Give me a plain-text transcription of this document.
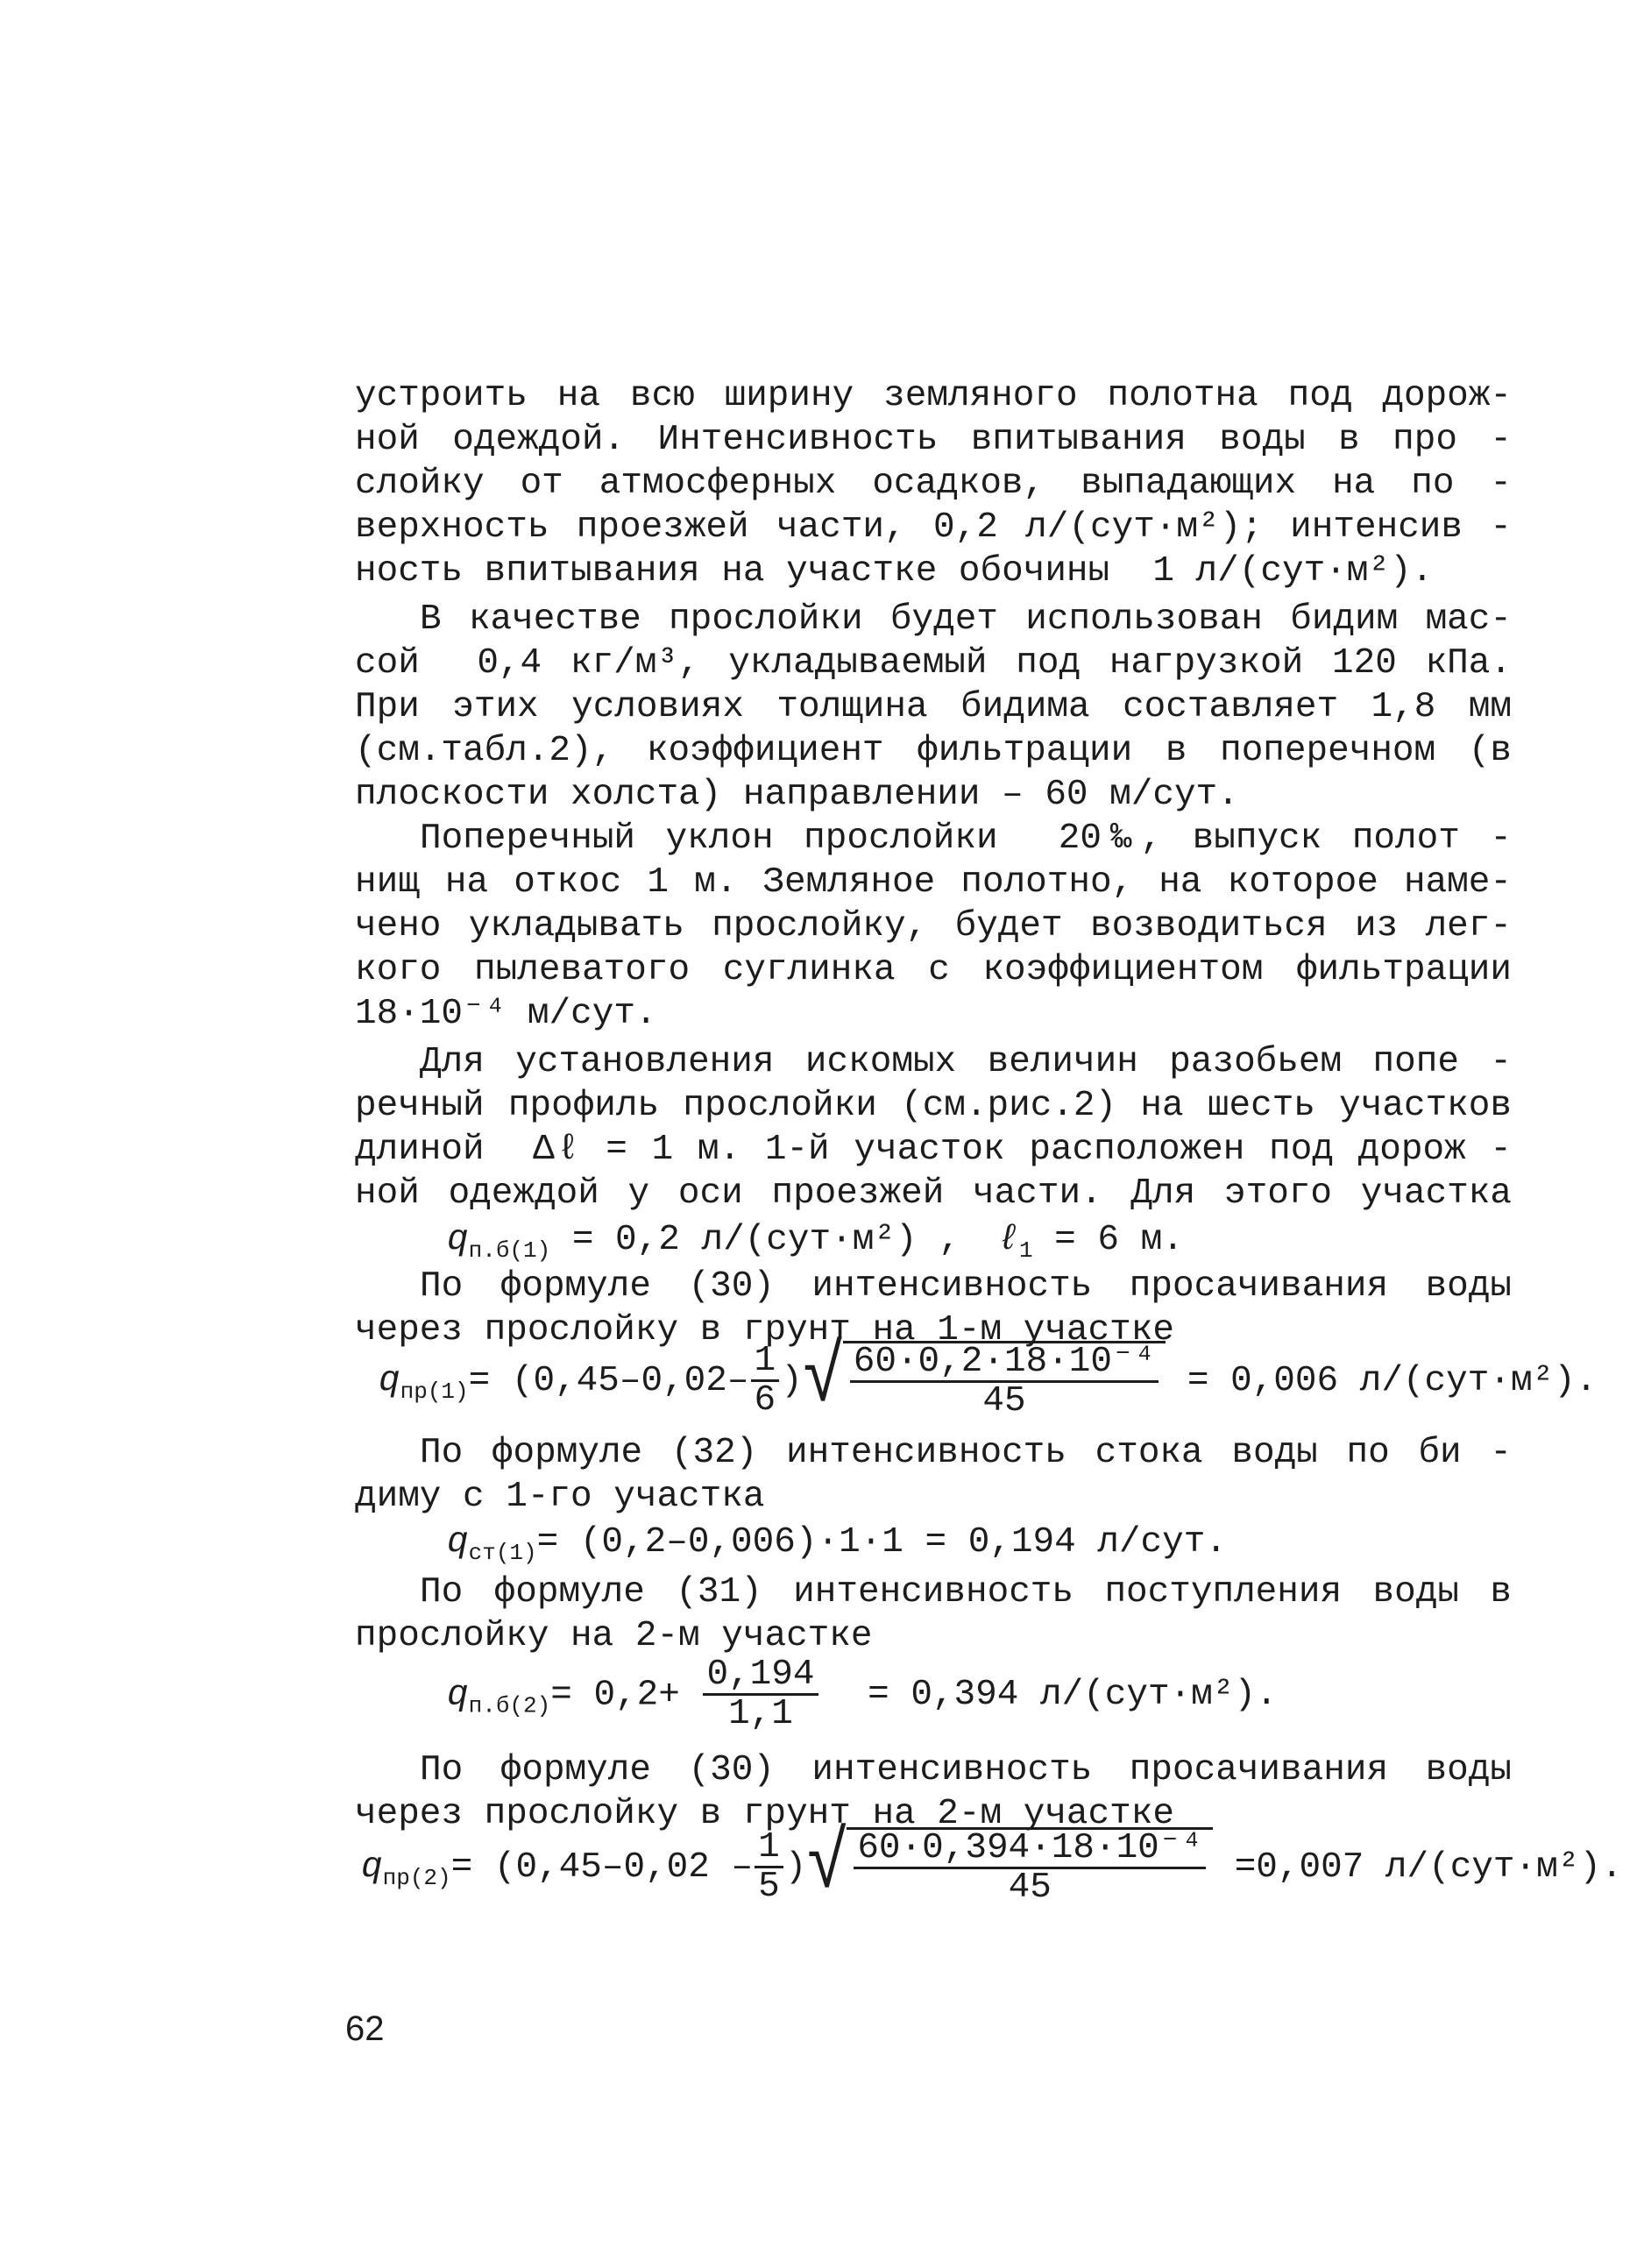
устроить на всю ширину земляного полотна под дорож-
ной одеждой. Интенсивность впитывания воды в про -
слойку от атмосферных осадков, выпадающих на по -
верхность проезжей части, 0,2 л/(сут·м²); интенсив -
ность впитывания на участке обочины  1 л/(сут·м²).
В качестве прослойки будет использован бидим мас-
сой  0,4 кг/м³, укладываемый под нагрузкой 120 кПа.
При этих условиях толщина бидима составляет 1,8 мм
(см.табл.2), коэффициент фильтрации в поперечном (в
плоскости холста) направлении – 60 м/сут.
Поперечный уклон прослойки  20‰, выпуск полот -
нищ на откос 1 м. Земляное полотно, на которое наме-
чено укладывать прослойку, будет возводиться из лег-
кого пылеватого суглинка с коэффициентом фильтрации
18·10⁻⁴ м/сут.
Для установления искомых величин разобьем попе -
речный профиль прослойки (см.рис.2) на шесть участков
длиной  Δℓ = 1 м. 1-й участок расположен под дорож -
ной одеждой у оси проезжей части. Для этого участка
$q_{п.б(1)} = 0,2$ л/(сут·м²) , ℓ$_1$ = 6 м.
По формуле (30) интенсивность просачивания воды
через прослойку в грунт на 1-м участке
$q_{пр(1)}= (0,45-0,02- \frac{1}{6}$ )√ $\frac{\text{60·0,2·18·10⁻⁴}}{45} = 0,006$ л/(сут·м²).
По формуле (32) интенсивность стока воды по би -
диму с 1-го участка
$q_{ст(1)}= (0,2-0,006)\cdot 1\cdot 1 = 0,194$ л/сут.
По формуле (31) интенсивность поступления воды в
прослойку на 2-м участке
$q_{п.б(2)}= 0,2+ \frac{0,194}{1,1} = 0,394$ л/(сут·м²).
По формуле (30) интенсивность просачивания воды
через прослойку в грунт на 2-м участке
$q_{пр(2)}= (0,45-0,02 - \frac{1}{5}$ )√ $\frac{\text{60·0,394·18·10⁻⁴}}{45} =0,007$ л/(сут·м²).
62
